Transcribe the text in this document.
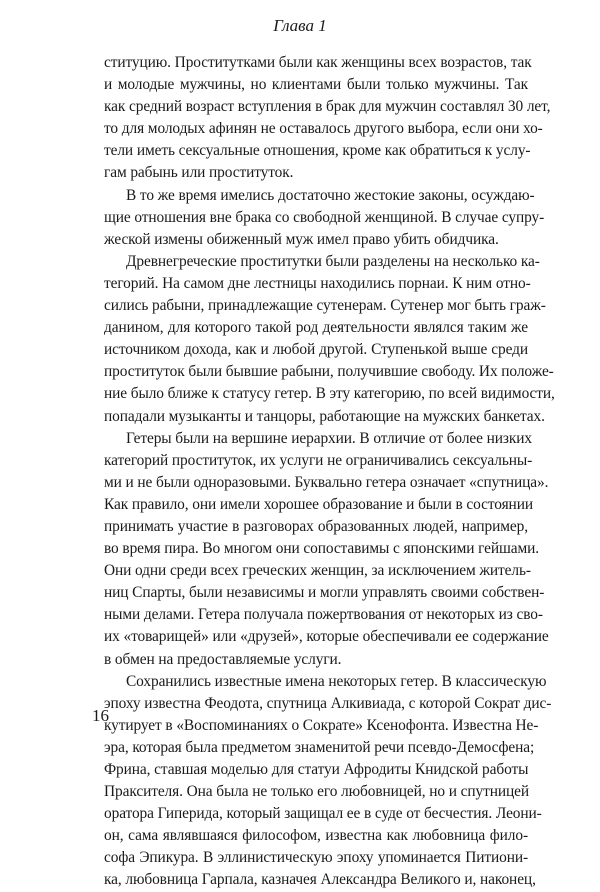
Глава 1
ституцию. Проститутками были как женщины всех возрастов, так
и молодые мужчины, но клиентами были только мужчины. Так
как средний возраст вступления в брак для мужчин составлял 30 лет,
то для молодых афинян не оставалось другого выбора, если они хо-
тели иметь сексуальные отношения, кроме как обратиться к услу-
гам рабынь или проституток.
В то же время имелись достаточно жестокие законы, осуждаю-
щие отношения вне брака со свободной женщиной. В случае супру-
жеской измены обиженный муж имел право убить обидчика.
Древнегреческие проститутки были разделены на несколько ка-
тегорий. На самом дне лестницы находились порнаи. К ним отно-
сились рабыни, принадлежащие сутенерам. Сутенер мог быть граж-
данином, для которого такой род деятельности являлся таким же
источником дохода, как и любой другой. Ступенькой выше среди
проституток были бывшие рабыни, получившие свободу. Их положе-
ние было ближе к статусу гетер. В эту категорию, по всей видимости,
попадали музыканты и танцоры, работающие на мужских банкетах.
Гетеры были на вершине иерархии. В отличие от более низких
категорий проституток, их услуги не ограничивались сексуальны-
ми и не были одноразовыми. Буквально гетера означает «спутница».
Как правило, они имели хорошее образование и были в состоянии
принимать участие в разговорах образованных людей, например,
во время пира. Во многом они сопоставимы с японскими гейшами.
Они одни среди всех греческих женщин, за исключением житель-
ниц Спарты, были независимы и могли управлять своими собствен-
ными делами. Гетера получала пожертвования от некоторых из сво-
их «товарищей» или «друзей», которые обеспечивали ее содержание
в обмен на предоставляемые услуги.
Сохранились известные имена некоторых гетер. В классическую
эпоху известна Феодота, спутница Алкивиада, с которой Сократ дис-
кутирует в «Воспоминаниях о Сократе» Ксенофонта. Известна Не-
эра, которая была предметом знаменитой речи псевдо-Демосфена;
Фрина, ставшая моделью для статуи Афродиты Книдской работы
Праксителя. Она была не только его любовницей, но и спутницей
оратора Гиперида, который защищал ее в суде от бесчестия. Леони-
он, сама являвшаяся философом, известна как любовница фило-
софа Эпикура. В эллинистическую эпоху упоминается Питиони-
ка, любовница Гарпала, казначея Александра Великого и, наконец,
16
